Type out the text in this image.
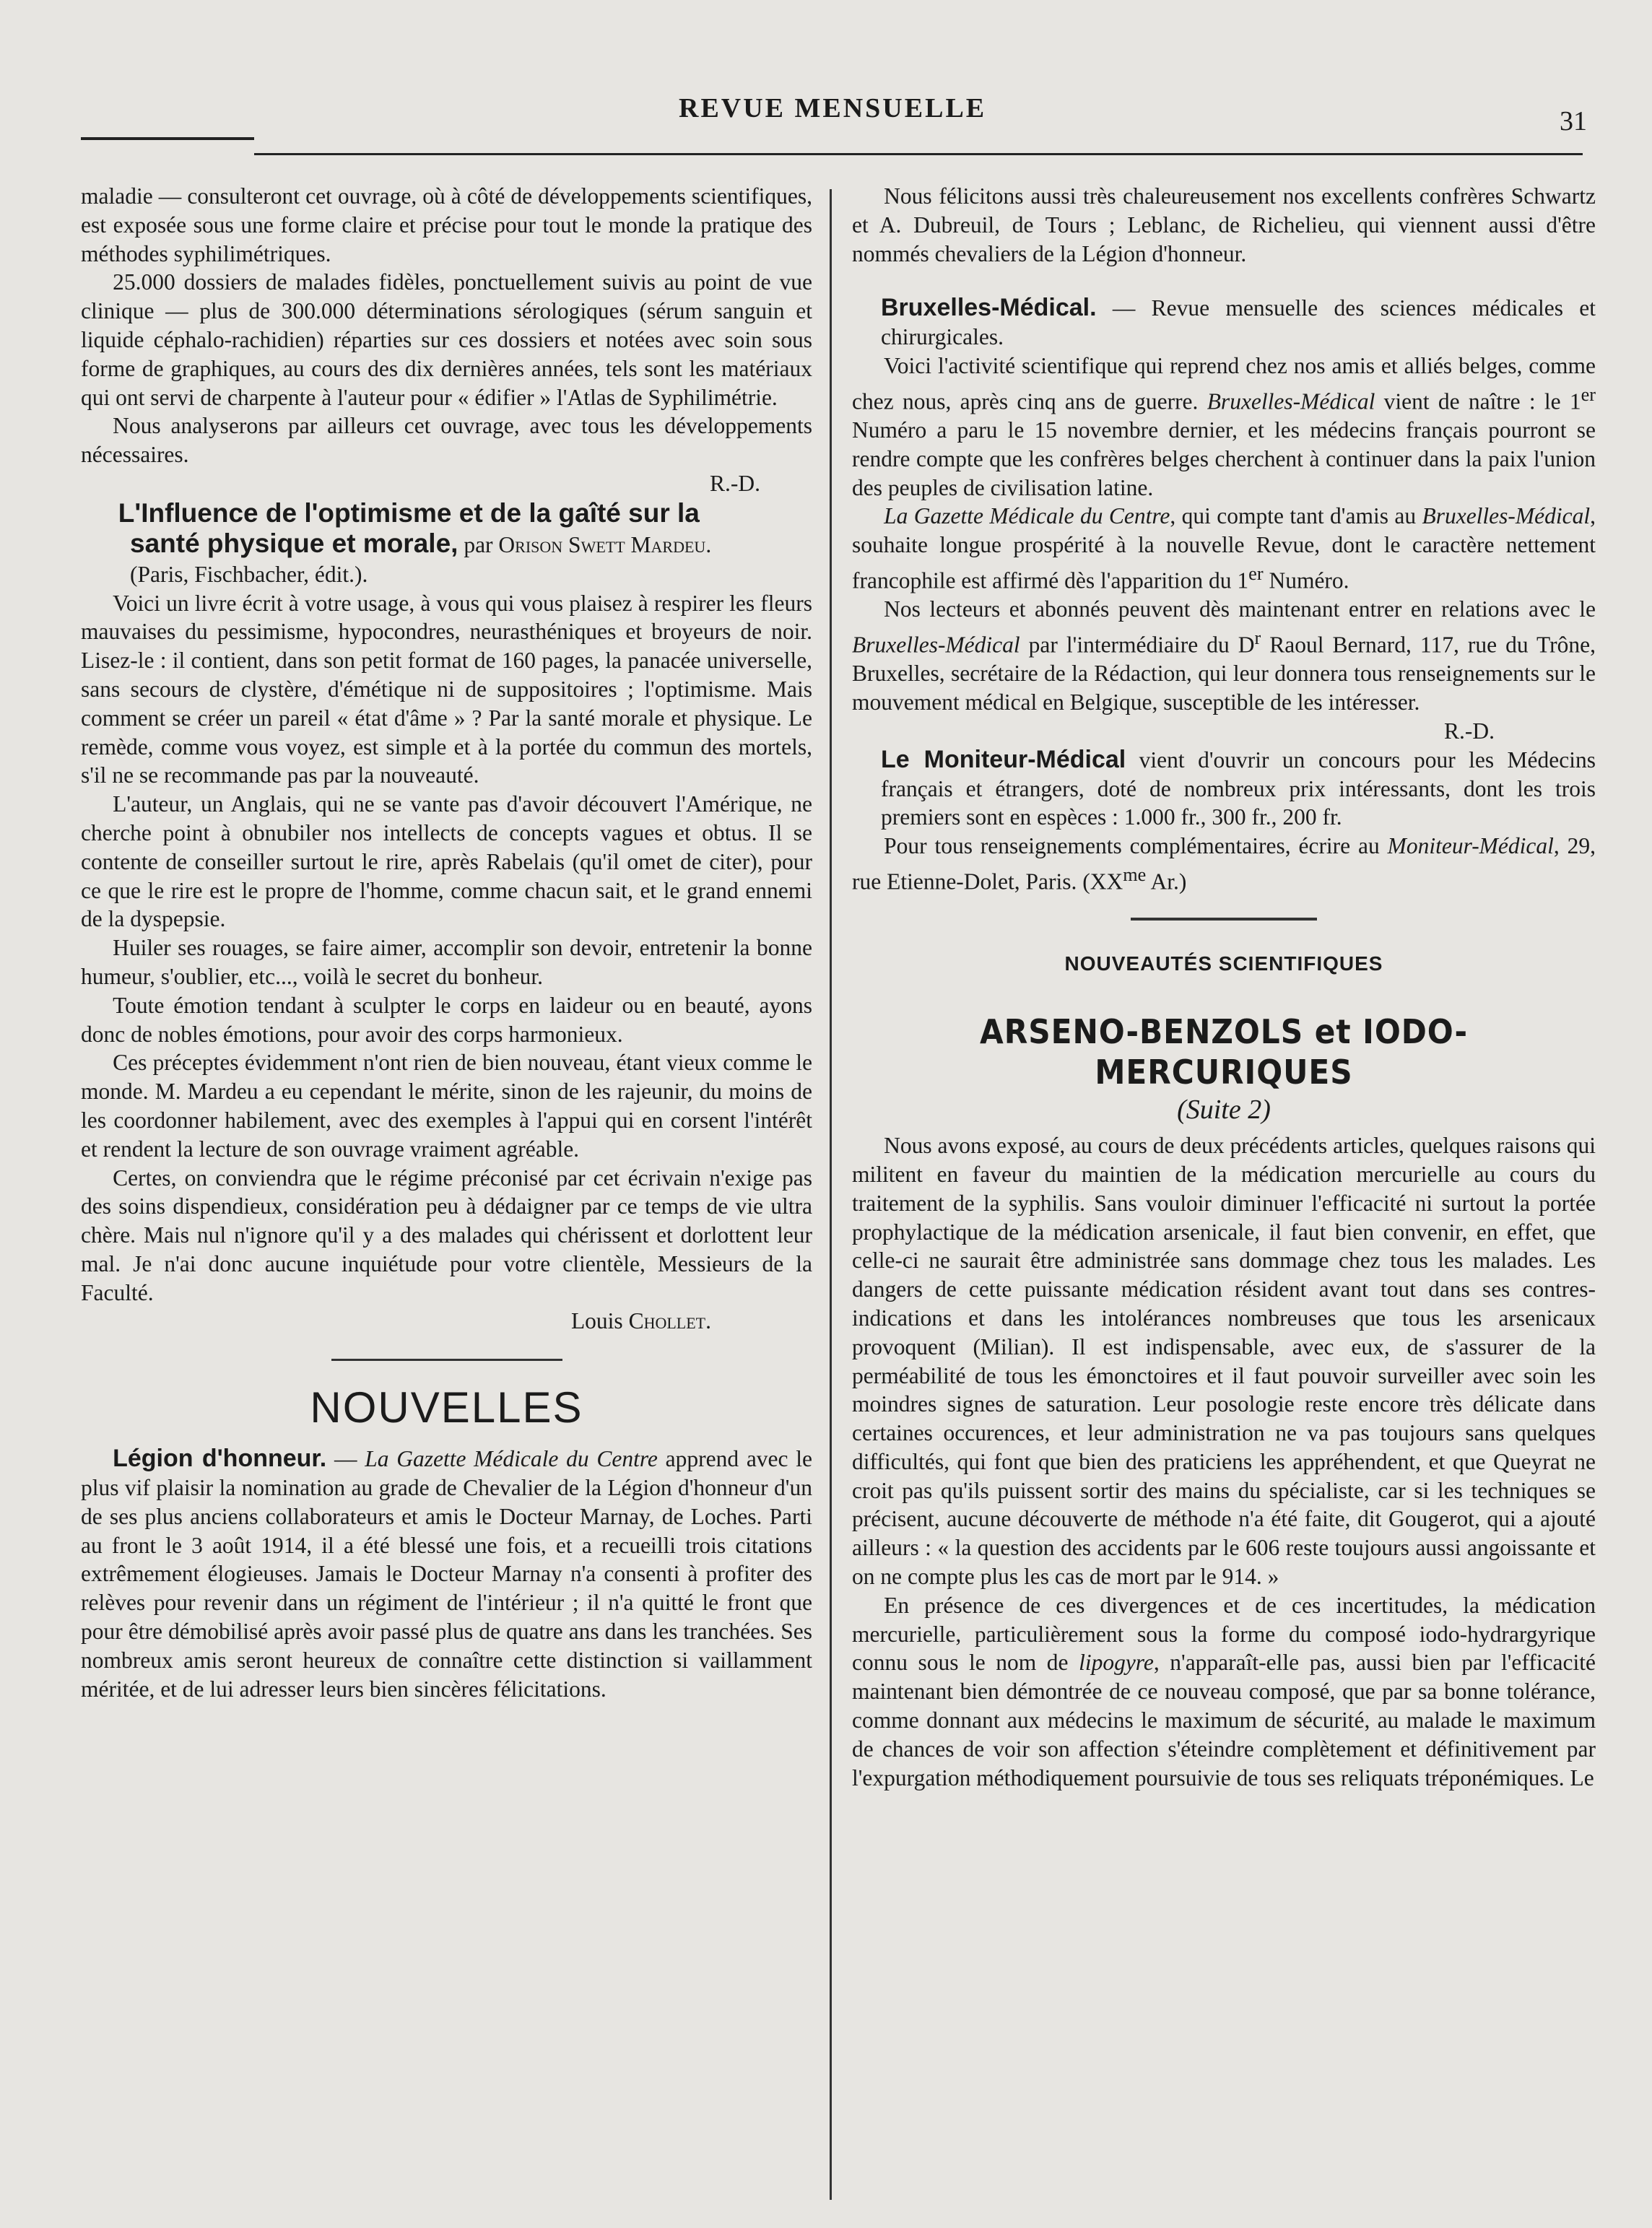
REVUE MENSUELLE	31

maladie — consulteront cet ouvrage, où à côté de développements scientifiques, est exposée sous une forme claire et précise pour tout le monde la pratique des méthodes syphilimétriques.

25.000 dossiers de malades fidèles, ponctuellement suivis au point de vue clinique — plus de 300.000 déterminations sérologiques (sérum sanguin et liquide céphalo-rachidien) réparties sur ces dossiers et notées avec soin sous forme de graphiques, au cours des dix dernières années, tels sont les matériaux qui ont servi de charpente à l'auteur pour « édifier » l'Atlas de Syphilimétrie.

Nous analyserons par ailleurs cet ouvrage, avec tous les développements nécessaires.

R.-D.

L'Influence de l'optimisme et de la gaîté sur la
santé physique et morale, par Orison Swett Mardeu.

(Paris, Fischbacher, édit.).

Voici un livre écrit à votre usage, à vous qui vous plaisez à respirer les fleurs mauvaises du pessimisme, hypocondres, neurasthéniques et broyeurs de noir. Lisez-le : il contient, dans son petit format de 160 pages, la panacée universelle, sans secours de clystère, d'émétique ni de suppositoires ; l'optimisme. Mais comment se créer un pareil « état d'âme » ? Par la santé morale et physique. Le remède, comme vous voyez, est simple et à la portée du commun des mortels, s'il ne se recommande pas par la nouveauté.

L'auteur, un Anglais, qui ne se vante pas d'avoir découvert l'Amérique, ne cherche point à obnubiler nos intellects de concepts vagues et obtus. Il se contente de conseiller surtout le rire, après Rabelais (qu'il omet de citer), pour ce que le rire est le propre de l'homme, comme chacun sait, et le grand ennemi de la dyspepsie.

Huiler ses rouages, se faire aimer, accomplir son devoir, entretenir la bonne humeur, s'oublier, etc..., voilà le secret du bonheur.

Toute émotion tendant à sculpter le corps en laideur ou en beauté, ayons donc de nobles émotions, pour avoir des corps harmonieux.

Ces préceptes évidemment n'ont rien de bien nouveau, étant vieux comme le monde. M. Mardeu a eu cependant le mérite, sinon de les rajeunir, du moins de les coordonner habilement, avec des exemples à l'appui qui en corsent l'intérêt et rendent la lecture de son ouvrage vraiment agréable.

Certes, on conviendra que le régime préconisé par cet écrivain n'exige pas des soins dispendieux, considération peu à dédaigner par ce temps de vie ultra chère. Mais nul n'ignore qu'il y a des malades qui chérissent et dorlottent leur mal. Je n'ai donc aucune inquiétude pour votre clientèle, Messieurs de la Faculté.

Louis Chollet.

NOUVELLES

Légion d'honneur. — La Gazette Médicale du Centre apprend avec le plus vif plaisir la nomination au grade de Chevalier de la Légion d'honneur d'un de ses plus anciens collaborateurs et amis le Docteur Marnay, de Loches. Parti au front le 3 août 1914, il a été blessé une fois, et a recueilli trois citations extrêmement élogieuses. Jamais le Docteur Marnay n'a consenti à profiter des relèves pour revenir dans un régiment de l'intérieur ; il n'a quitté le front que pour être démobilisé après avoir passé plus de quatre ans dans les tranchées. Ses nombreux amis seront heureux de connaître cette distinction si vaillamment méritée, et de lui adresser leurs bien sincères félicitations.

Nous félicitons aussi très chaleureusement nos excellents confrères Schwartz et A. Dubreuil, de Tours ; Leblanc, de Richelieu, qui viennent aussi d'être nommés chevaliers de la Légion d'honneur.

Bruxelles-Médical. — Revue mensuelle des sciences médicales et chirurgicales.

Voici l'activité scientifique qui reprend chez nos amis et alliés belges, comme chez nous, après cinq ans de guerre. Bruxelles-Médical vient de naître : le 1er Numéro a paru le 15 novembre dernier, et les médecins français pourront se rendre compte que les confrères belges cherchent à continuer dans la paix l'union des peuples de civilisation latine.

La Gazette Médicale du Centre, qui compte tant d'amis au Bruxelles-Médical, souhaite longue prospérité à la nouvelle Revue, dont le caractère nettement francophile est affirmé dès l'apparition du 1er Numéro.

Nos lecteurs et abonnés peuvent dès maintenant entrer en relations avec le Bruxelles-Médical par l'intermédiaire du $D^r$ Raoul Bernard, 117, rue du Trône, Bruxelles, secrétaire de la Rédaction, qui leur donnera tous renseignements sur le mouvement médical en Belgique, susceptible de les intéresser.

R.-D.

Le Moniteur-Médical vient d'ouvrir un concours pour les Médecins français et étrangers, doté de nombreux prix intéressants, dont les trois premiers sont en espèces : 1.000 fr., 300 fr., 200 fr.

Pour tous renseignements complémentaires, écrire au Moniteur-Médical, 29, rue Etienne-Dolet, Paris. ($XX^{me}$ Ar.)

NOUVEAUTÉS SCIENTIFIQUES
ARSENO-BENZOLS et IODO-MERCURIQUES
(Suite 2)

Nous avons exposé, au cours de deux précédents articles, quelques raisons qui militent en faveur du maintien de la médication mercurielle au cours du traitement de la syphilis. Sans vouloir diminuer l'efficacité ni surtout la portée prophylactique de la médication arsenicale, il faut bien convenir, en effet, que celle-ci ne saurait être administrée sans dommage chez tous les malades. Les dangers de cette puissante médication résident avant tout dans ses contres-indications et dans les intolérances nombreuses que tous les arsenicaux provoquent (Milian). Il est indispensable, avec eux, de s'assurer de la perméabilité de tous les émonctoires et il faut pouvoir surveiller avec soin les moindres signes de saturation. Leur posologie reste encore très délicate dans certaines occurences, et leur administration ne va pas toujours sans quelques difficultés, qui font que bien des praticiens les appréhendent, et que Queyrat ne croit pas qu'ils puissent sortir des mains du spécialiste, car si les techniques se précisent, aucune découverte de méthode n'a été faite, dit Gougerot, qui a ajouté ailleurs : « la question des accidents par le 606 reste toujours aussi angoissante et on ne compte plus les cas de mort par le 914. »

En présence de ces divergences et de ces incertitudes, la médication mercurielle, particulièrement sous la forme du composé iodo-hydrargyrique connu sous le nom de lipogyre, n'apparaît-elle pas, aussi bien par l'efficacité maintenant bien démontrée de ce nouveau composé, que par sa bonne tolérance, comme donnant aux médecins le maximum de sécurité, au malade le maximum de chances de voir son affection s'éteindre complètement et définitivement par l'expurgation méthodiquement poursuivie de tous ses reliquats tréponémiques. Le
